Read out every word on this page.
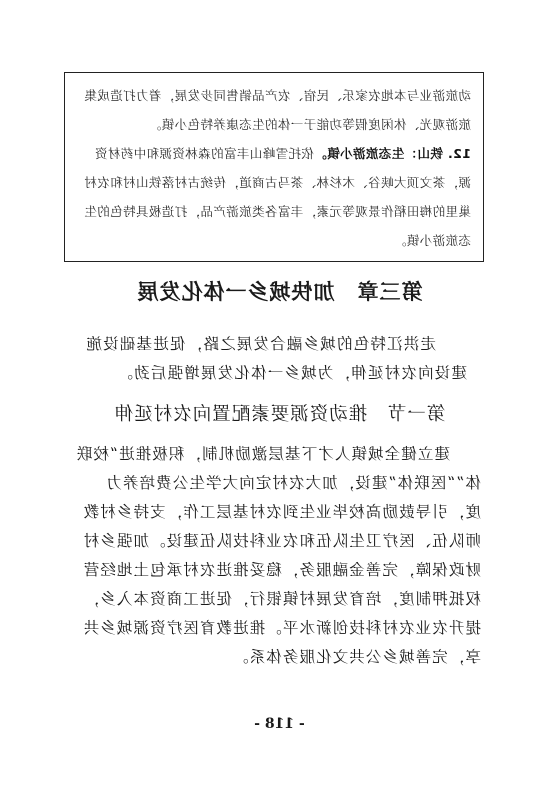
动旅游业与本地农家乐、民宿、农产品销售同步发展，着力打造成集旅游观光、休闲度假等功能于一体的生态康养特色小镇。

12. 铁山：生态旅游小镇。依托雪峰山丰富的森林资源和中药材资源，茶文顶大峡谷、木杉林、茶马古商道，传统古村落铁山村和农村巢里的梅田稻作景观等元素，丰富各类旅游产品，打造极具特色的生态旅游小镇。

第三章　加快城乡一体化发展

走洪江特色的城乡融合发展之路，促进基础设施建设向农村延伸，为城乡一体化发展增强后劲。

第一节　推动资源要素配置向农村延伸

建立健全城镇人才下基层激励机制，积极推进“校联体”“医联体”建设，加大农村定向大学生公费培养力度，引导鼓励高校毕业生到农村基层工作，支持乡村教师队伍、医疗卫生队伍和农业科技队伍建设。加强乡村财政保障，完善金融服务，稳妥推进农村承包土地经营权抵押制度，培育发展村镇银行，促进工商资本入乡，提升农业农村科技创新水平。推进教育医疗资源城乡共享，完善城乡公共文化服务体系。

- 118 -
